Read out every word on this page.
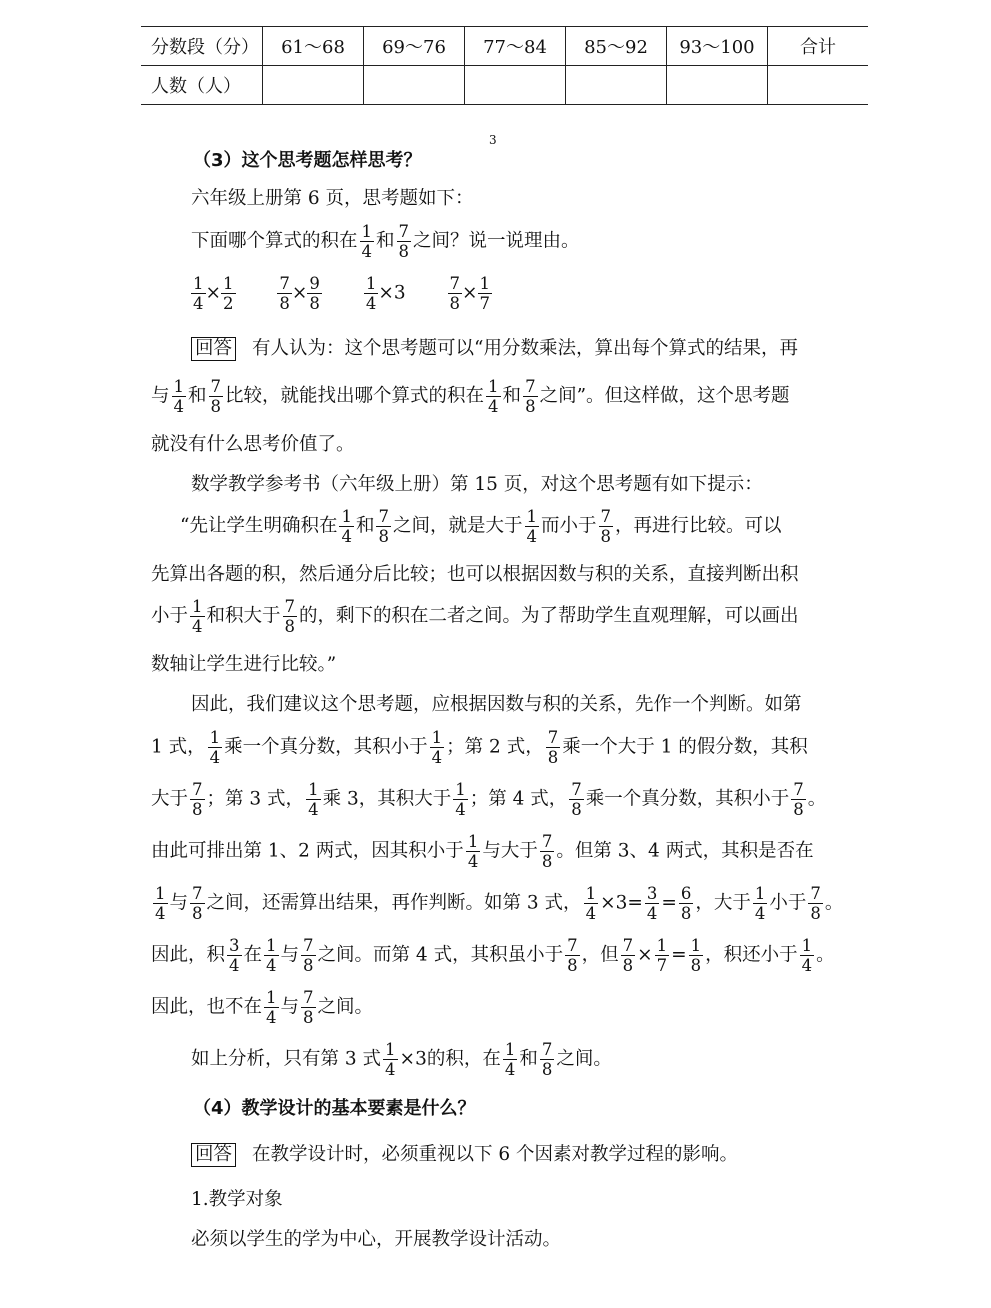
分数段（分）	61～68	69～76	77～84	85～92	93～100	合计
人数（人）						
3
（3）这个思考题怎样思考？
六年级上册第 6 页，思考题如下：
下面哪个算式的积在 $\frac{1}{4}$ 和 $\frac{7}{8}$ 之间？说一说理由。
$\frac{1}{4} \times \frac{1}{2}$
	$\frac{7}{8} \times \frac{9}{8}$
	$\frac{1}{4} \times 3$	$\frac{7}{8} \times \frac{1}{7}$
回答 有人认为：这个思考题可以“用分数乘法，算出每个算式的结果，再
与 $\frac{1}{4}$ 和 $\frac{7}{8}$ 比较，就能找出哪个算式的积在 $\frac{1}{4}$ 和 $\frac{7}{8}$ 之间”。但这样做，这个思考题
就没有什么思考价值了。
数学教学参考书（六年级上册）第 15 页，对这个思考题有如下提示：
“先让学生明确积在 $\frac{1}{4}$ 和 $\frac{7}{8}$ 之间，就是大于 $\frac{1}{4}$ 而小于 $\frac{7}{8}$ ，再进行比较。可以
先算出各题的积，然后通分后比较；也可以根据因数与积的关系，直接判断出积
小于 $\frac{1}{4}$ 和积大于 $\frac{7}{8}$ 的，剩下的积在二者之间。为了帮助学生直观理解，可以画出
数轴让学生进行比较。”
因此，我们建议这个思考题，应根据因数与积的关系，先作一个判断。如第
1 式， $\frac{1}{4}$ 乘一个真分数，其积小于 $\frac{1}{4}$ ；第 2 式， $\frac{7}{8}$ 乘一个大于 1 的假分数，其积
大于 $\frac{7}{8}$ ；第 3 式， $\frac{1}{4}$ 乘 3，其积大于 $\frac{1}{4}$ ；第 4 式， $\frac{7}{8}$ 乘一个真分数，其积小于 $\frac{7}{8}$ 。
由此可排出第 1、2 两式，因其积小于 $\frac{1}{4}$ 与大于 $\frac{7}{8}$ 。但第 3、4 两式，其积是否在
$\frac{1}{4}$ 与 $\frac{7}{8}$ 之间，还需算出结果，再作判断。如第 3 式， $\frac{1}{4} \times 3= \frac{3}{4} = \frac{6}{8}$ ，大于 $\frac{1}{4}$ 小于 $\frac{7}{8}$ 。
因此，积 $\frac{3}{4}$ 在 $\frac{1}{4}$ 与 $\frac{7}{8}$ 之间。而第 4 式，其积虽小于 $\frac{7}{8}$ ，但 $\frac{7}{8} \times \frac{1}{7} = \frac{1}{8}$ ，积还小于 $\frac{1}{4}$ 。
因此，也不在 $\frac{1}{4}$ 与 $\frac{7}{8}$ 之间。
如上分析，只有第 3 式 $\frac{1}{4} \times 3$的积，在 $\frac{1}{4}$ 和 $\frac{7}{8}$ 之间。
（4）教学设计的基本要素是什么？
回答 在教学设计时，必须重视以下 6 个因素对教学过程的影响。
1.教学对象
必须以学生的学为中心，开展教学设计活动。
